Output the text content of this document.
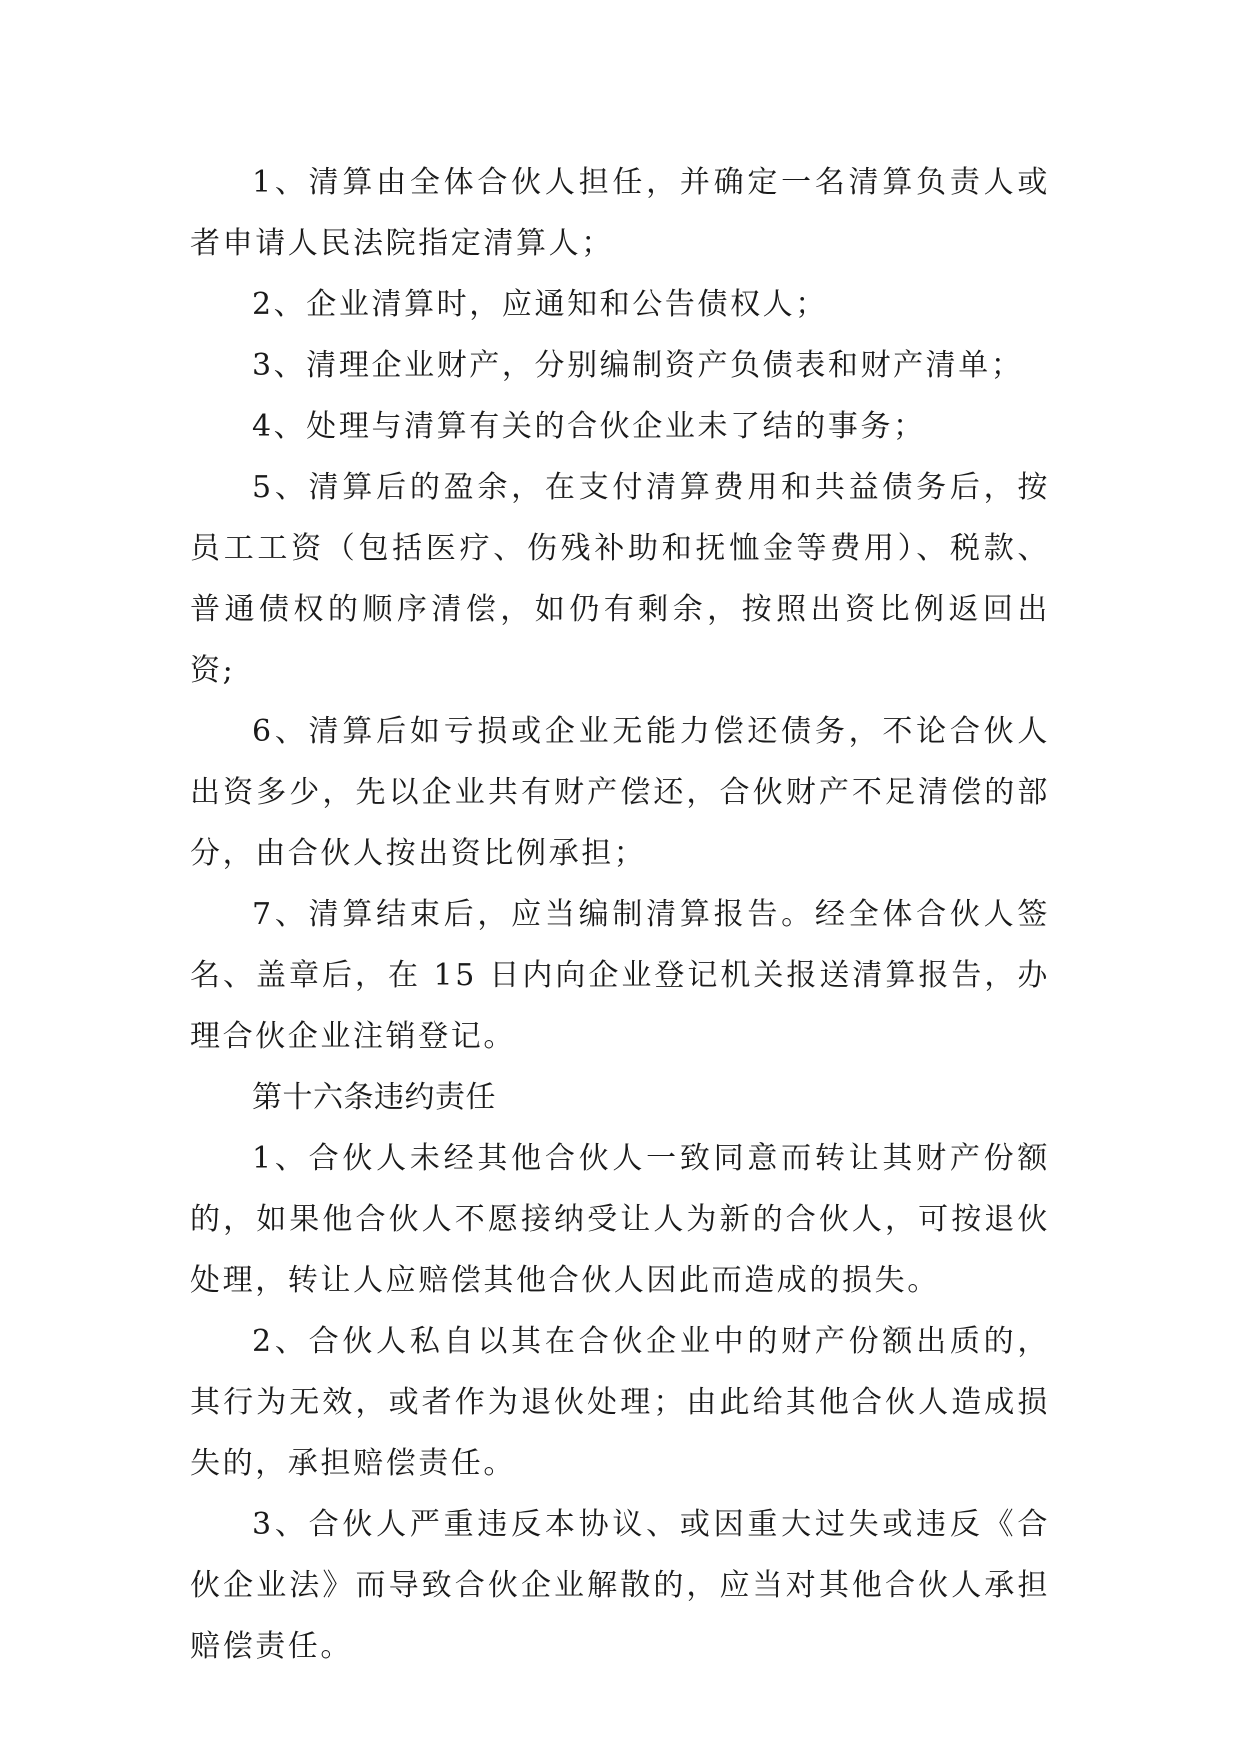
1、清算由全体合伙人担任，并确定一名清算负责人或者申请人民法院指定清算人；

2、企业清算时，应通知和公告债权人；

3、清理企业财产，分别编制资产负债表和财产清单；

4、处理与清算有关的合伙企业未了结的事务；

5、清算后的盈余，在支付清算费用和共益债务后，按员工工资（包括医疗、伤残补助和抚恤金等费用）、税款、普通债权的顺序清偿，如仍有剩余，按照出资比例返回出资;

6、清算后如亏损或企业无能力偿还债务，不论合伙人出资多少，先以企业共有财产偿还，合伙财产不足清偿的部分，由合伙人按出资比例承担；

7、清算结束后，应当编制清算报告。经全体合伙人签名、盖章后，在 15 日内向企业登记机关报送清算报告，办理合伙企业注销登记。

第十六条违约责任

1、合伙人未经其他合伙人一致同意而转让其财产份额的，如果他合伙人不愿接纳受让人为新的合伙人，可按退伙处理，转让人应赔偿其他合伙人因此而造成的损失。

2、合伙人私自以其在合伙企业中的财产份额出质的，其行为无效，或者作为退伙处理；由此给其他合伙人造成损失的，承担赔偿责任。

3、合伙人严重违反本协议、或因重大过失或违反《合伙企业法》而导致合伙企业解散的，应当对其他合伙人承担赔偿责任。
